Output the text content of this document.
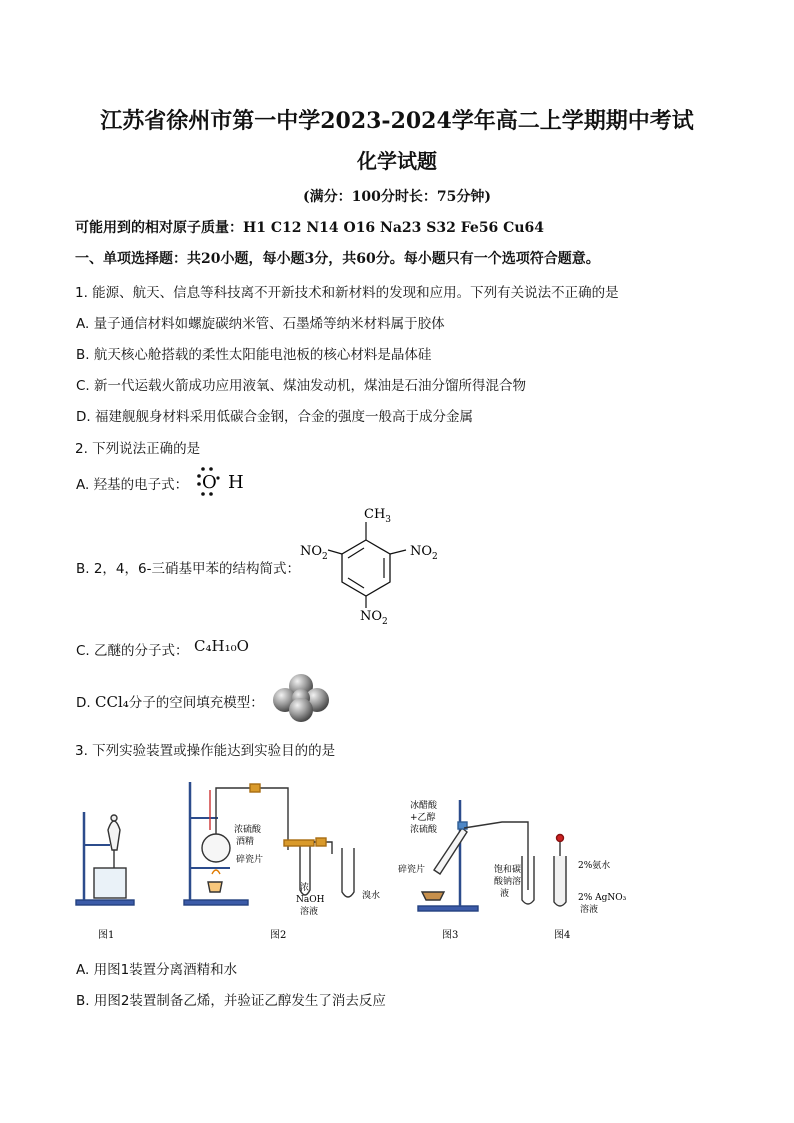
江苏省徐州市第一中学2023-2024学年高二上学期期中考试
化学试题
(满分：100分时长：75分钟)
可能用到的相对原子质量：H1 C12 N14 O16 Na23 S32 Fe56 Cu64
一、单项选择题：共20小题，每小题3分，共60分。每小题只有一个选项符合题意。
1. 能源、航天、信息等科技离不开新技术和新材料的发现和应用。下列有关说法不正确的是
A. 量子通信材料如螺旋碳纳米管、石墨烯等纳米材料属于胶体
B. 航天核心舱搭载的柔性太阳能电池板的核心材料是晶体硅
C. 新一代运载火箭成功应用液氧、煤油发动机，煤油是石油分馏所得混合物
D. 福建舰舰身材料采用低碳合金钢，合金的强度一般高于成分金属
2. 下列说法正确的是
A. 羟基的电子式： O H
B. 2，4，6-三硝基甲苯的结构简式：
$CH_3$
$NO_2$	$NO_2$
$NO_2$
C. 乙醚的分子式： C₄H₁₀O
D. CCl₄分子的空间填充模型：
3. 下列实验装置或操作能达到实验目的的是
浓硫酸
酒精
碎瓷片
浓
NaOH
溶液
溴水
冰醋酸
+乙醇
浓硫酸
碎瓷片	饱和碳
酸钠溶
液
2%氨水
2% AgNO₃
溶液
图1	图2	图3	图4
A. 用图1装置分离酒精和水
B. 用图2装置制备乙烯，并验证乙醇发生了消去反应
